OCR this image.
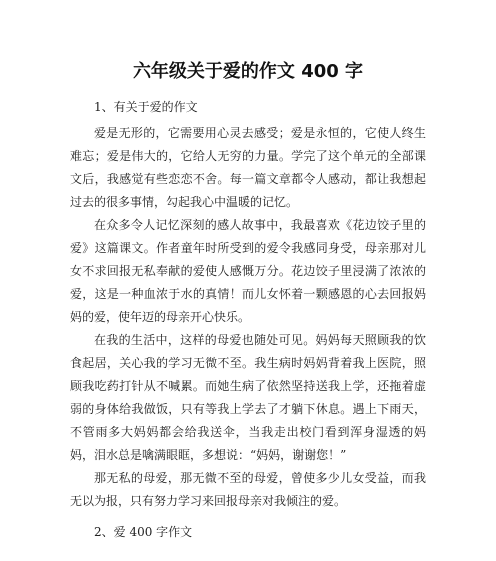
六年级关于爱的作文 400 字

1、有关于爱的作文

爱是无形的，它需要用心灵去感受；爱是永恒的，它使人终生难忘；爱是伟大的，它给人无穷的力量。学完了这个单元的全部课文后，我感觉有些恋恋不舍。每一篇文章都令人感动，都让我想起过去的很多事情，勾起我心中温暖的记忆。

在众多令人记忆深刻的感人故事中，我最喜欢《花边饺子里的爱》这篇课文。作者童年时所受到的爱令我感同身受，母亲那对儿女不求回报无私奉献的爱使人感慨万分。花边饺子里浸满了浓浓的爱，这是一种血浓于水的真情！而儿女怀着一颗感恩的心去回报妈妈的爱，使年迈的母亲开心快乐。

在我的生活中，这样的母爱也随处可见。妈妈每天照顾我的饮食起居，关心我的学习无微不至。我生病时妈妈背着我上医院，照顾我吃药打针从不喊累。而她生病了依然坚持送我上学，还拖着虚弱的身体给我做饭，只有等我上学去了才躺下休息。遇上下雨天，不管雨多大妈妈都会给我送伞，当我走出校门看到浑身湿透的妈妈，泪水总是噙满眼眶，多想说：“妈妈，谢谢您！”

那无私的母爱，那无微不至的母爱，曾使多少儿女受益，而我无以为报，只有努力学习来回报母亲对我倾注的爱。

2、爱 400 字作文
